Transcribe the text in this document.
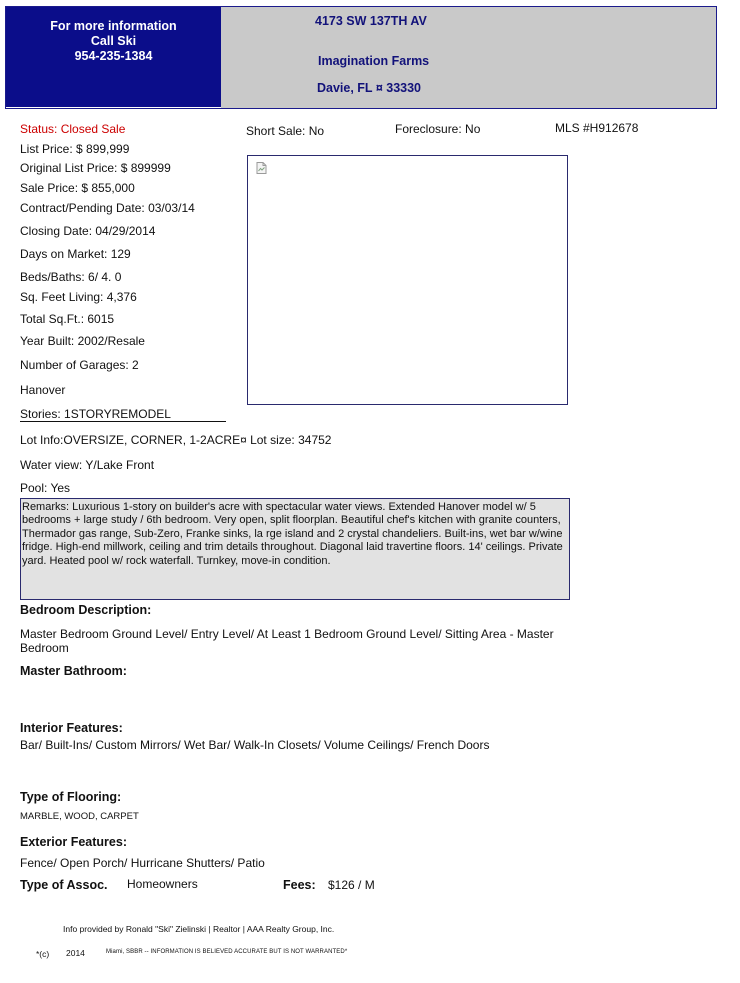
For more information
Call Ski
954-235-1384
4173 SW 137TH AV
Imagination Farms
Davie, FL ¤ 33330
Status: Closed Sale	Short Sale: No	Foreclosure: No	MLS #H912678
List Price: $ 899,999
Original List Price: $ 899999
Sale Price: $ 855,000
Contract/Pending Date: 03/03/14
Closing Date: 04/29/2014
Days on Market: 129
Beds/Baths: 6/ 4. 0
Sq. Feet Living: 4,376
Total Sq.Ft.: 6015
Year Built: 2002/Resale
Number of Garages: 2
Hanover
Stories: 1STORYREMODEL
Lot Info:OVERSIZE, CORNER, 1-2ACRE¤ Lot size: 34752
Water view: Y/Lake Front
Pool: Yes
Remarks: Luxurious 1-story on builder's acre with spectacular water views. Extended Hanover model w/ 5 bedrooms + large study / 6th bedroom. Very open, split floorplan. Beautiful chef's kitchen with granite counters, Thermador gas range, Sub-Zero, Franke sinks, la rge island and 2 crystal chandeliers. Built-ins, wet bar w/wine fridge. High-end millwork, ceiling and trim details throughout. Diagonal laid travertine floors. 14' ceilings. Private yard. Heated pool w/ rock waterfall. Turnkey, move-in condition.
Bedroom Description:
Master Bedroom Ground Level/ Entry Level/ At Least 1 Bedroom Ground Level/ Sitting Area - Master Bedroom
Master Bathroom:
Interior Features:
Bar/ Built-Ins/ Custom Mirrors/ Wet Bar/ Walk-In Closets/ Volume Ceilings/ French Doors
Type of Flooring:
MARBLE, WOOD, CARPET
Exterior Features:
Fence/ Open Porch/ Hurricane Shutters/ Patio
Type of Assoc. Homeowners	Fees: $126 / M
Info provided by Ronald "Ski" Zielinski | Realtor | AAA Realty Group, Inc.
*(c) 2014	Miami, SBBR -- INFORMATION IS BELIEVED ACCURATE BUT IS NOT WARRANTED*
